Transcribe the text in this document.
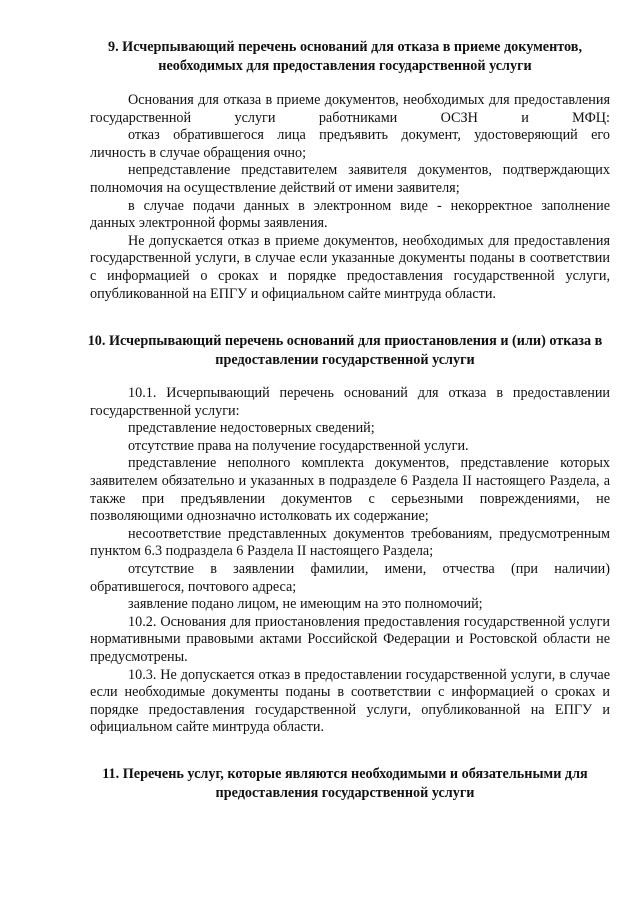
9. Исчерпывающий перечень оснований для отказа в приеме документов, необходимых для предоставления государственной услуги

Основания для отказа в приеме документов, необходимых для предоставления государственной услуги работниками ОСЗН и МФЦ:

отказ обратившегося лица предъявить документ, удостоверяющий его личность в случае обращения очно;

непредставление представителем заявителя документов, подтверждающих полномочия на осуществление действий от имени заявителя;

в случае подачи данных в электронном виде - некорректное заполнение данных электронной формы заявления.

Не допускается отказ в приеме документов, необходимых для предоставления государственной услуги, в случае если указанные документы поданы в соответствии с информацией о сроках и порядке предоставления государственной услуги, опубликованной на ЕПГУ и официальном сайте минтруда области.

10. Исчерпывающий перечень оснований для приостановления и (или) отказа в предоставлении государственной услуги

10.1. Исчерпывающий перечень оснований для отказа в предоставлении государственной услуги:

представление недостоверных сведений;

отсутствие права на получение государственной услуги.

представление неполного комплекта документов, представление которых заявителем обязательно и указанных в подразделе 6 Раздела II настоящего Раздела, а также при предъявлении документов с серьезными повреждениями, не позволяющими однозначно истолковать их содержание;

несоответствие представленных документов требованиям, предусмотренным пунктом 6.3 подраздела 6 Раздела II настоящего Раздела;

отсутствие в заявлении фамилии, имени, отчества (при наличии) обратившегося, почтового адреса;

заявление подано лицом, не имеющим на это полномочий;

10.2. Основания для приостановления предоставления государственной услуги нормативными правовыми актами Российской Федерации и Ростовской области не предусмотрены.

10.3. Не допускается отказ в предоставлении государственной услуги, в случае если необходимые документы поданы в соответствии с информацией о сроках и порядке предоставления государственной услуги, опубликованной на ЕПГУ и официальном сайте минтруда области.

11. Перечень услуг, которые являются необходимыми и обязательными для предоставления государственной услуги
